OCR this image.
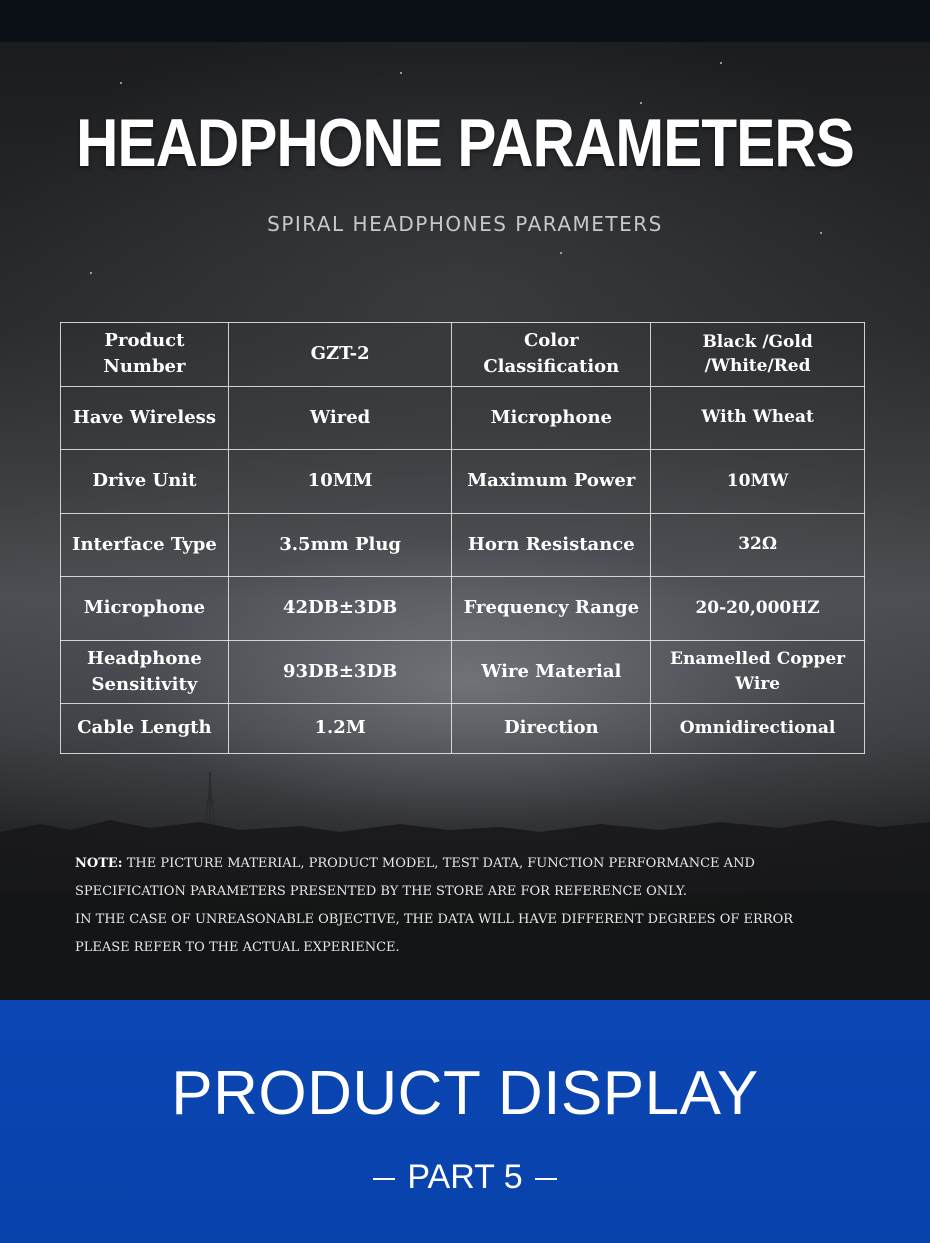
HEADPHONE PARAMETERS
SPIRAL HEADPHONES PARAMETERS
Product Number	GZT-2	Color Classification	Black /Gold /White/Red
Have Wireless	Wired	Microphone	With Wheat
Drive Unit	10MM	Maximum Power	10MW
Interface Type	3.5mm Plug	Horn Resistance	32Ω
Microphone	42DB±3DB	Frequency Range	20-20,000HZ
Headphone Sensitivity	93DB±3DB	Wire Material	Enamelled Copper Wire
Cable Length	1.2M	Direction	Omnidirectional
NOTE: THE PICTURE MATERIAL, PRODUCT MODEL, TEST DATA, FUNCTION PERFORMANCE AND
SPECIFICATION PARAMETERS PRESENTED BY THE STORE ARE FOR REFERENCE ONLY.
IN THE CASE OF UNREASONABLE OBJECTIVE, THE DATA WILL HAVE DIFFERENT DEGREES OF ERROR
PLEASE REFER TO THE ACTUAL EXPERIENCE.
PRODUCT DISPLAY
PART 5
